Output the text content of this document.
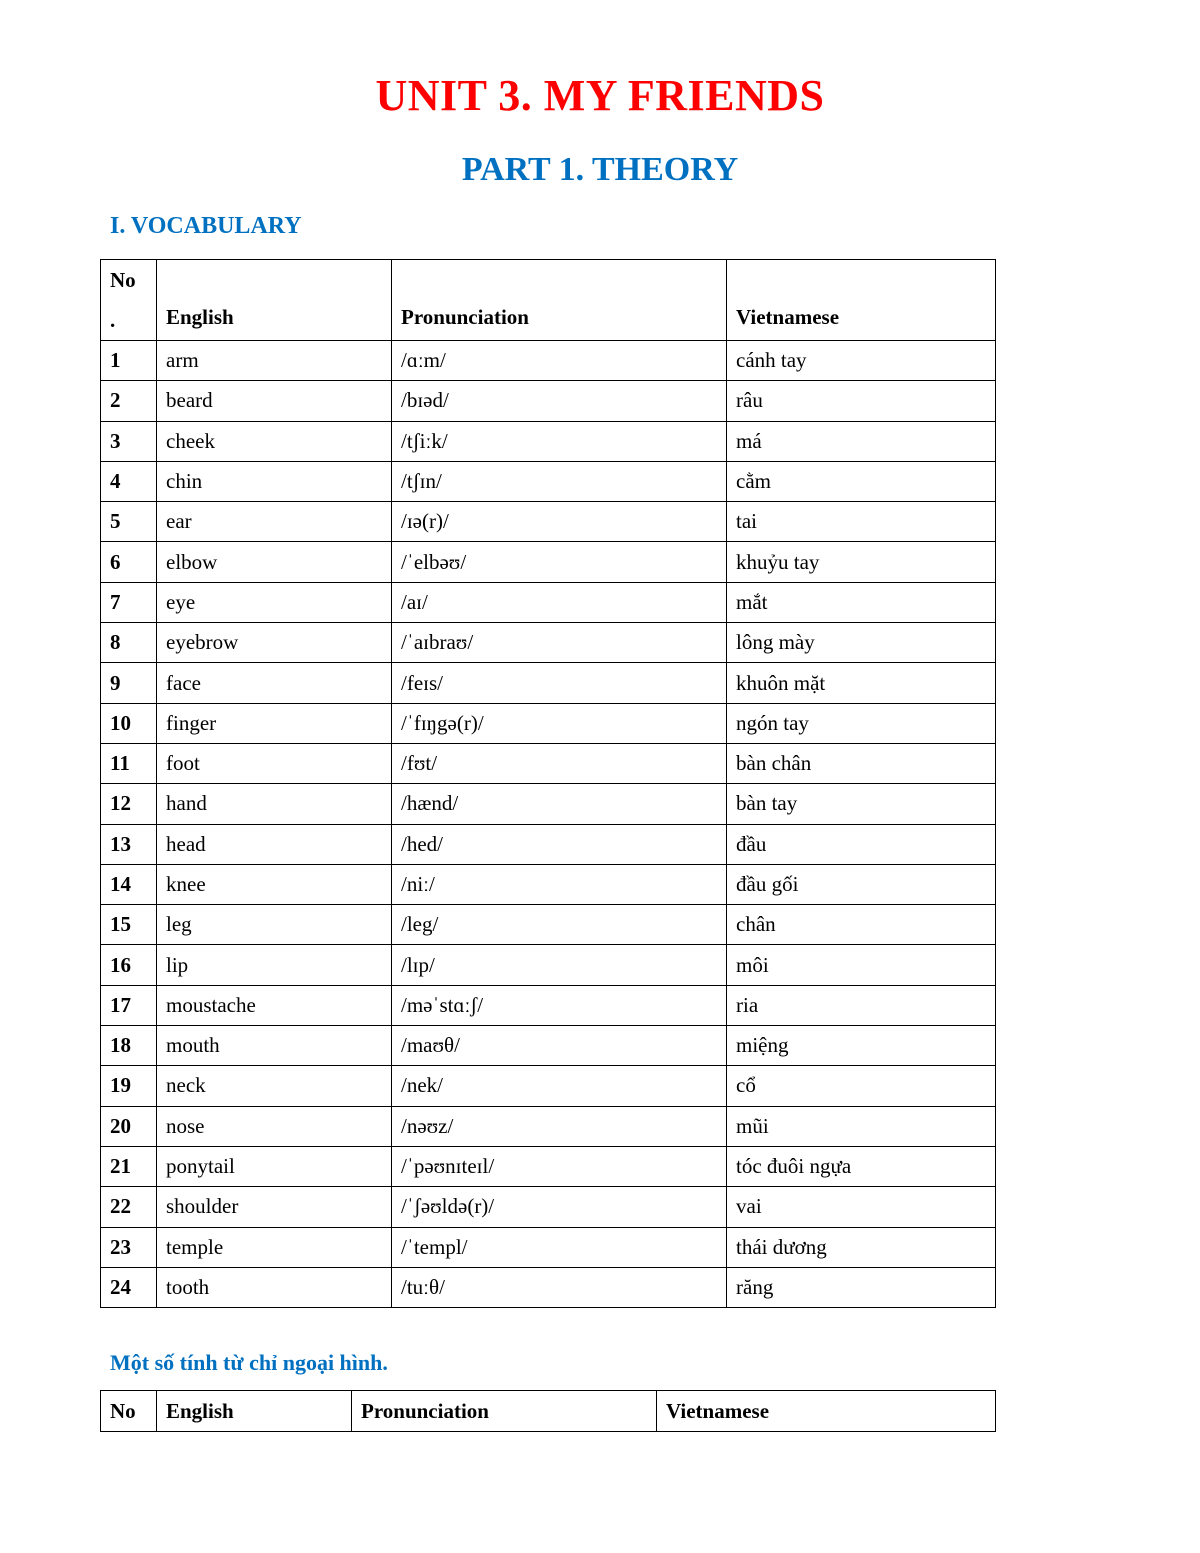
UNIT 3. MY FRIENDS
PART 1. THEORY
I. VOCABULARY
No
.	English	Pronunciation	Vietnamese
1	arm	/ɑːm/	cánh tay
2	beard	/bɪəd/	râu
3	cheek	/tʃiːk/	má
4	chin	/tʃɪn/	cằm
5	ear	/ɪə(r)/	tai
6	elbow	/ˈelbəʊ/	khuỷu tay
7	eye	/aɪ/	mắt
8	eyebrow	/ˈaɪbraʊ/	lông mày
9	face	/feɪs/	khuôn mặt
10	finger	/ˈfɪŋgə(r)/	ngón tay
11	foot	/fʊt/	bàn chân
12	hand	/hænd/	bàn tay
13	head	/hed/	đầu
14	knee	/niː/	đầu gối
15	leg	/leg/	chân
16	lip	/lɪp/	môi
17	moustache	/məˈstɑːʃ/	ria
18	mouth	/maʊθ/	miệng
19	neck	/nek/	cổ
20	nose	/nəʊz/	mũi
21	ponytail	/ˈpəʊnɪteɪl/	tóc đuôi ngựa
22	shoulder	/ˈʃəʊldə(r)/	vai
23	temple	/ˈtempl/	thái dương
24	tooth	/tuːθ/	răng
Một số tính từ chỉ ngoại hình.
No	English	Pronunciation	Vietnamese
